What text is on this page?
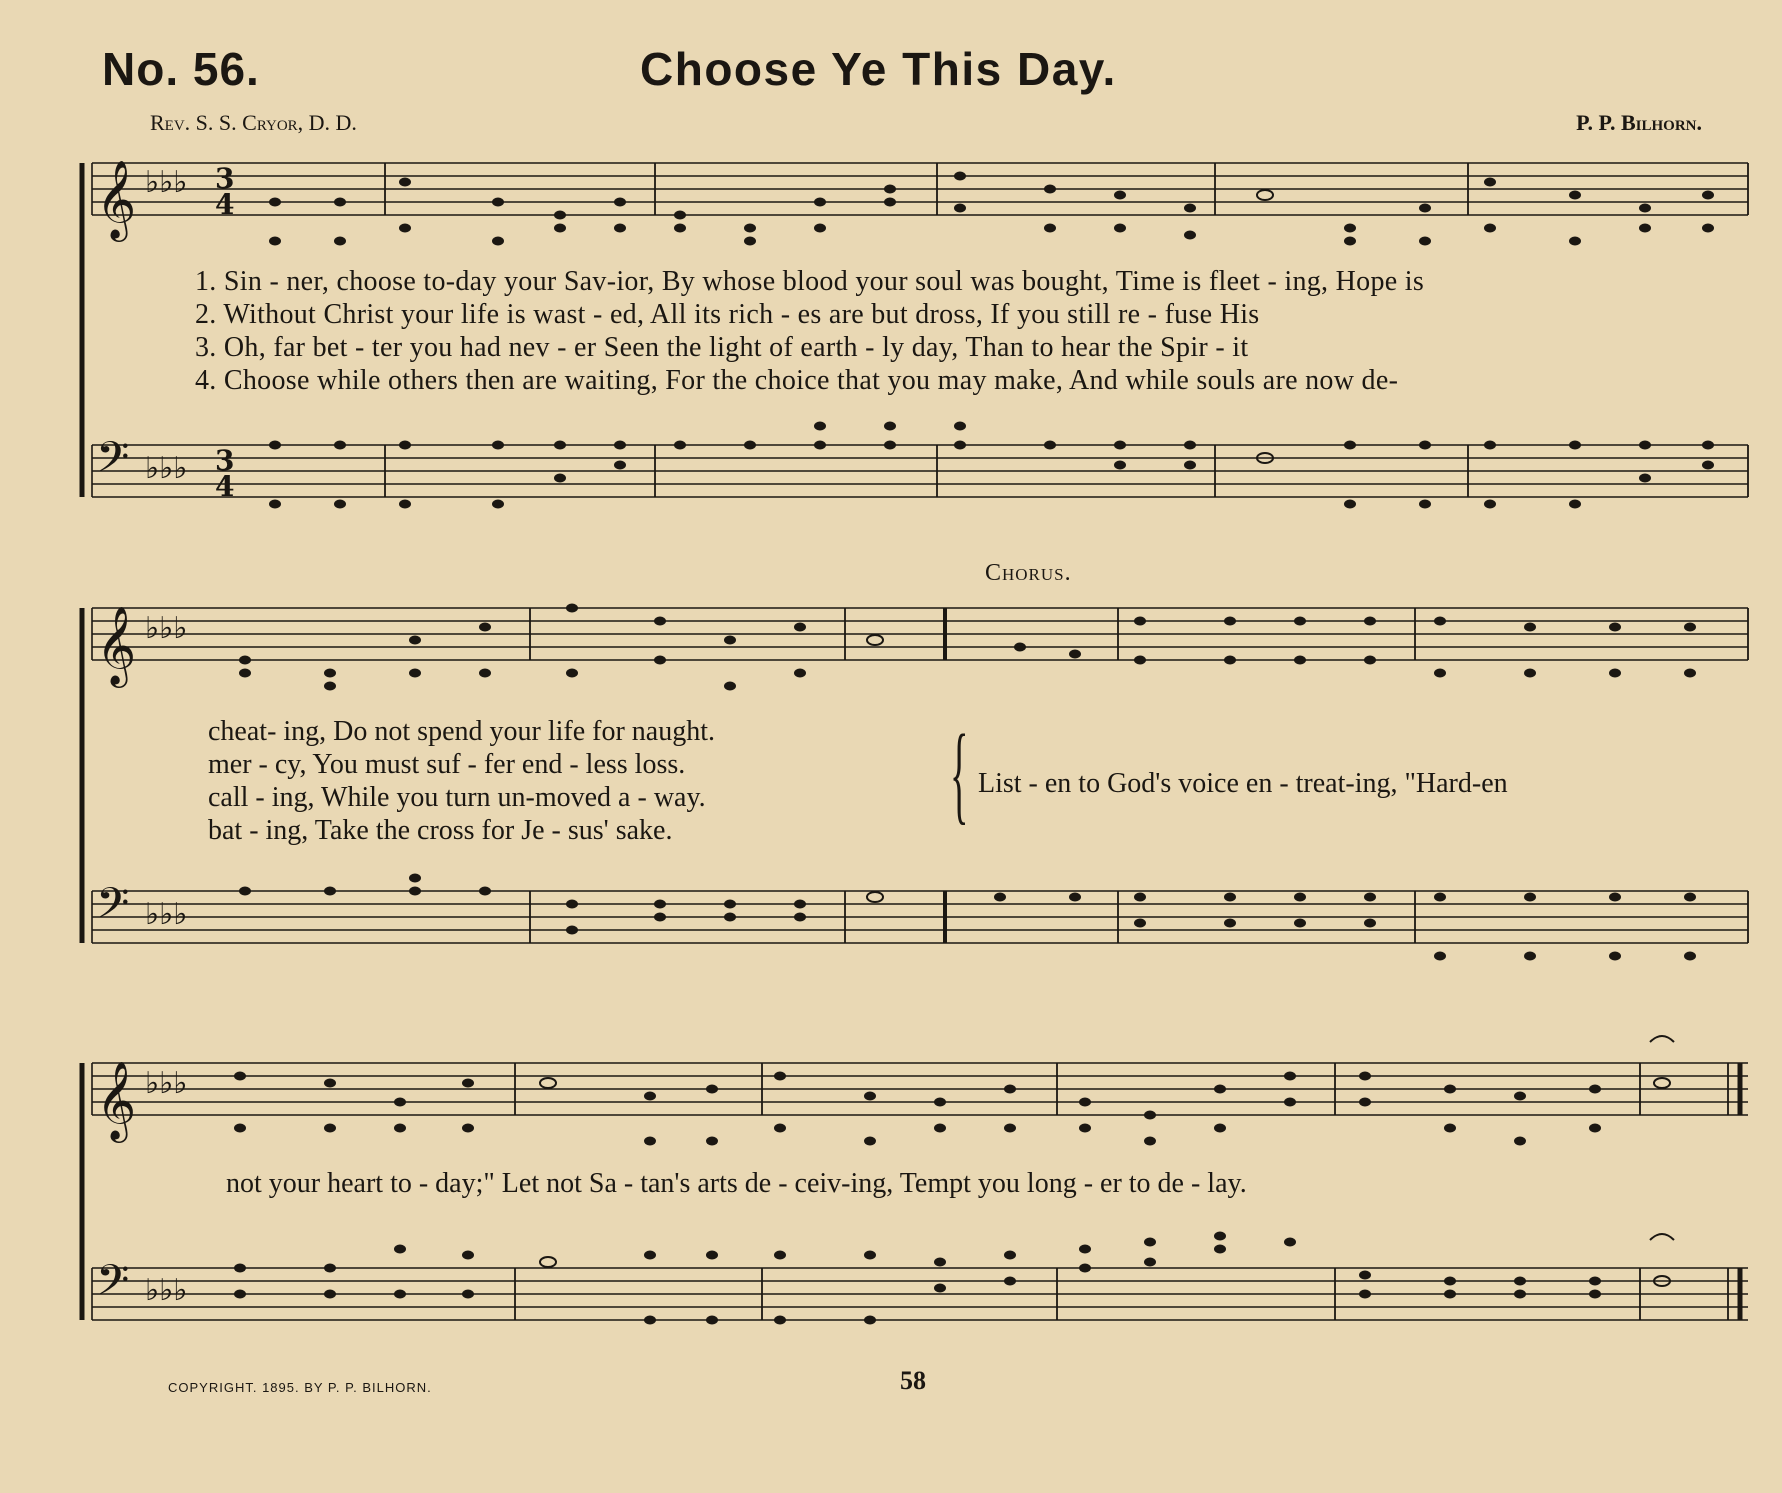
No. 56.	Choose Ye This Day.
Rev. S. S. Cryor, D. D.	P. P. Bilhorn.
𝄞
𝄢
𝄞
𝄢
𝄞
𝄢
♭♭♭
♭♭♭
♭♭♭
♭♭♭
♭♭♭
♭♭♭
3
4
3
4
1. Sin - ner, choose to-day your Sav-ior, By whose blood your soul was bought, Time is fleet - ing, Hope is
2. Without Christ your life is wast - ed, All its rich - es are but dross, If you still re - fuse His
3. Oh, far bet - ter you had nev - er Seen the light of earth - ly day, Than to hear the Spir - it
4. Choose while others then are waiting, For the choice that you may make, And while souls are now de-
cheat- ing, Do not spend your life for naught.
mer - cy, You must suf - fer end - less loss.
call - ing, While you turn un-moved a - way.
bat - ing, Take the cross for Je - sus' sake.
Chorus.
{ List - en to God's voice en - treat-ing, "Hard-en
not your heart to - day;" Let not Sa - tan's arts de - ceiv-ing, Tempt you long - er to de - lay.
COPYRIGHT. 1895. BY P. P. BILHORN.	58
